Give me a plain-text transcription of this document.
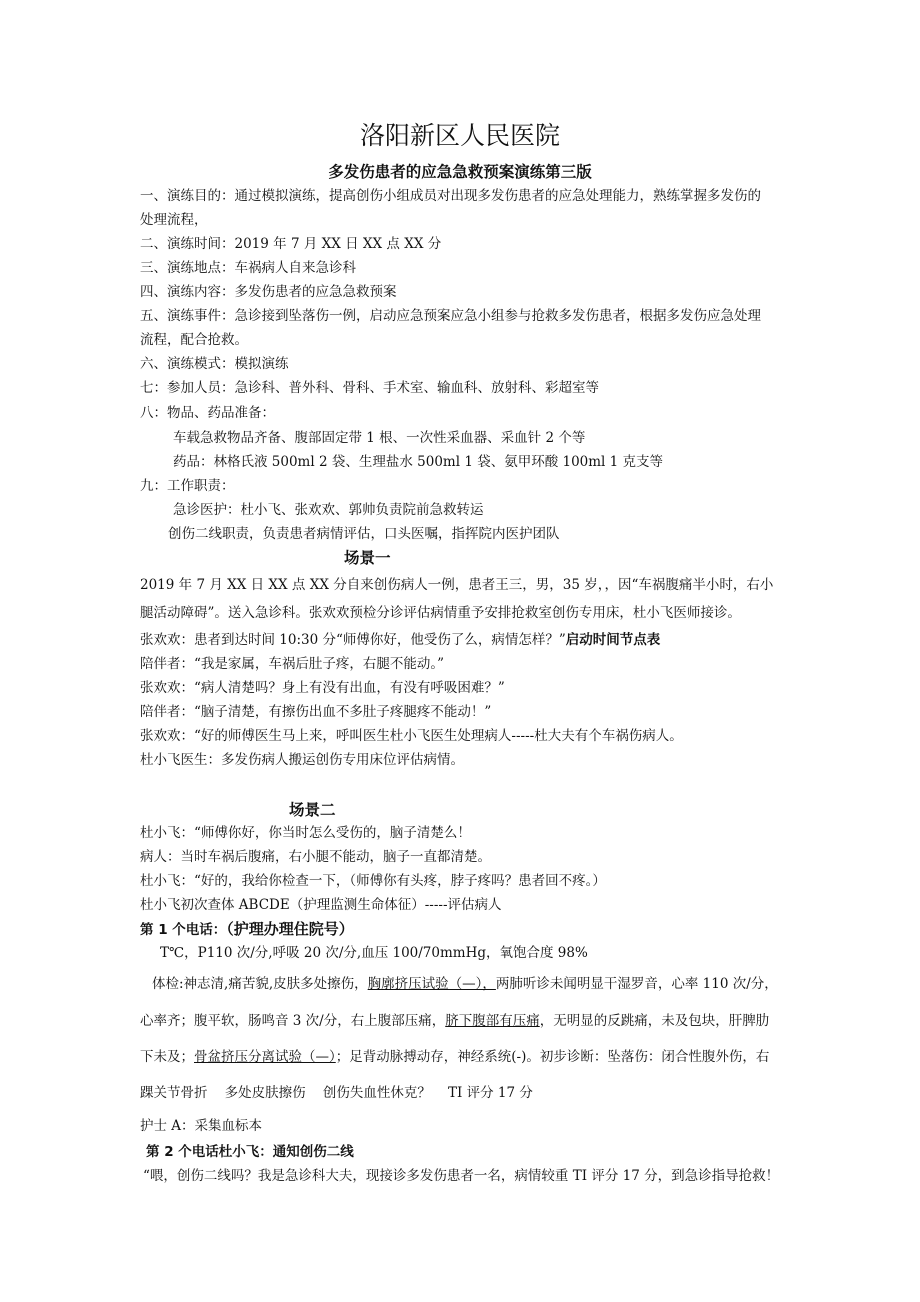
洛阳新区人民医院
多发伤患者的应急急救预案演练第三版
一、演练目的：通过模拟演练，提高创伤小组成员对出现多发伤患者的应急处理能力，熟练掌握多发伤的
处理流程，
二、演练时间：2019 年 7 月 XX 日 XX 点 XX 分
三、演练地点：车祸病人自来急诊科
四、演练内容：多发伤患者的应急急救预案
五、演练事件：急诊接到坠落伤一例，启动应急预案应急小组参与抢救多发伤患者，根据多发伤应急处理
流程，配合抢救。
六、演练模式：模拟演练
七：参加人员：急诊科、普外科、骨科、手术室、输血科、放射科、彩超室等
八：物品、药品准备：
车载急救物品齐备、腹部固定带 1 根、一次性采血器、采血针 2 个等
药品：林格氏液 500ml 2 袋、生理盐水 500ml 1 袋、氨甲环酸 100ml 1 克支等
九：工作职责：
急诊医护：杜小飞、张欢欢、郭帅负责院前急救转运
创伤二线职责，负责患者病情评估，口头医嘱，指挥院内医护团队
场景一
2019 年 7 月 XX 日 XX 点 XX 分自来创伤病人一例，患者王三，男，35 岁，，因“车祸腹痛半小时，右小
腿活动障碍”。送入急诊科。张欢欢预检分诊评估病情重予安排抢救室创伤专用床，杜小飞医师接诊。
张欢欢：患者到达时间 10:30 分“师傅你好，他受伤了么，病情怎样？”启动时间节点表
陪伴者：“我是家属，车祸后肚子疼，右腿不能动。”
张欢欢：“病人清楚吗？身上有没有出血，有没有呼吸困难？”
陪伴者：“脑子清楚，有擦伤出血不多肚子疼腿疼不能动！”
张欢欢：“好的师傅医生马上来，呼叫医生杜小飞医生处理病人-----杜大夫有个车祸伤病人。
杜小飞医生：多发伤病人搬运创伤专用床位评估病情。
场景二
杜小飞：“师傅你好，你当时怎么受伤的，脑子清楚么！
病人：当时车祸后腹痛，右小腿不能动，脑子一直都清楚。
杜小飞：“好的，我给你检查一下，（师傅你有头疼，脖子疼吗？患者回不疼。）
杜小飞初次查体 ABCDE（护理监测生命体征）-----评估病人
第 1 个电话：（护理办理住院号）
T℃，P110 次/分,呼吸 20 次/分,血压 100/70mmHg，氧饱合度 98%
体检:神志清,痛苦貌,皮肤多处擦伤，胸廓挤压试验（—），两肺听诊未闻明显干湿罗音，心率 110 次/分，
心率齐；腹平软，肠鸣音 3 次/分，右上腹部压痛，脐下腹部有压痛，无明显的反跳痛，未及包块，肝脾肋
下未及；骨盆挤压分离试验（—）；足背动脉搏动存，神经系统(-)。初步诊断：坠落伤：闭合性腹外伤，右
踝关节骨折    多处皮肤擦伤    创伤失血性休克？    TI 评分 17 分
护士 A：采集血标本
第 2 个电话杜小飞：通知创伤二线
“喂，创伤二线吗？我是急诊科大夫，现接诊多发伤患者一名，病情较重 TI 评分 17 分，到急诊指导抢救！
